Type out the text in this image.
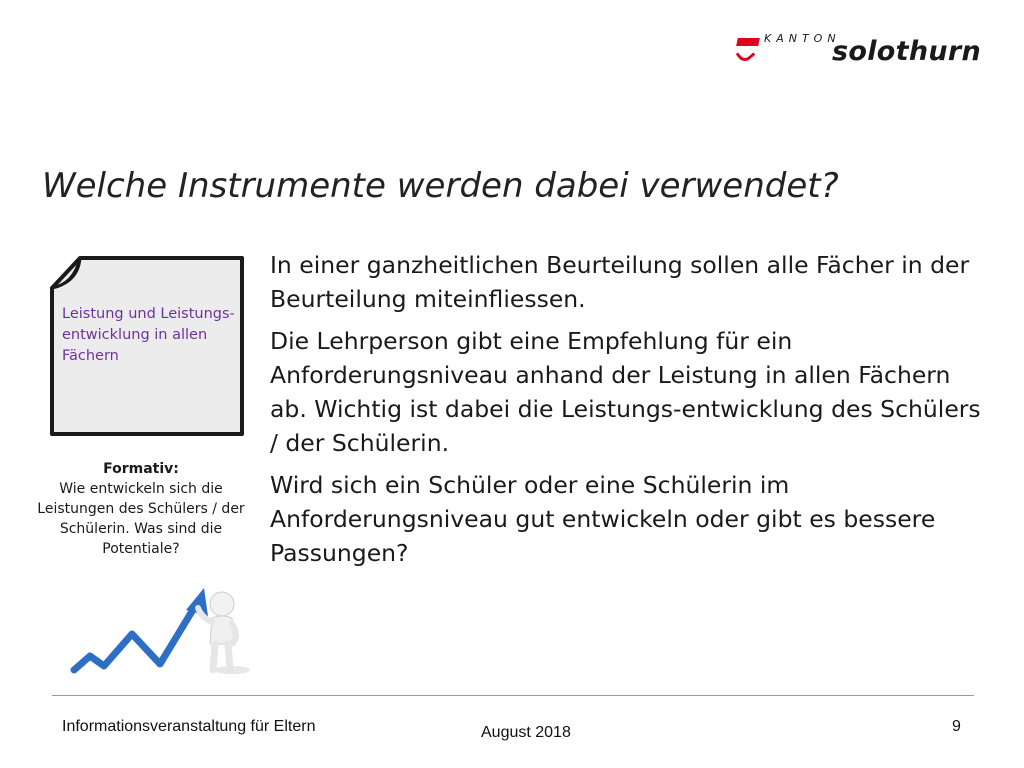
KANTON
solothurn
Welche Instrumente werden dabei verwendet?
Leistung und Leistungs-entwicklung in allen Fächern
Formativ:
Wie entwickeln sich die Leistungen des Schülers / der Schülerin. Was sind die Potentiale?

In einer ganzheitlichen Beurteilung sollen alle Fächer in der Beurteilung miteinfliessen.

Die Lehrperson gibt eine Empfehlung für ein Anforderungsniveau anhand der Leistung in allen Fächern ab. Wichtig ist dabei die Leistungs-entwicklung des Schülers / der Schülerin.

Wird sich ein Schüler oder eine Schülerin im Anforderungsniveau gut entwickeln oder gibt es bessere Passungen?

Informationsveranstaltung für Eltern	August 2018	9
